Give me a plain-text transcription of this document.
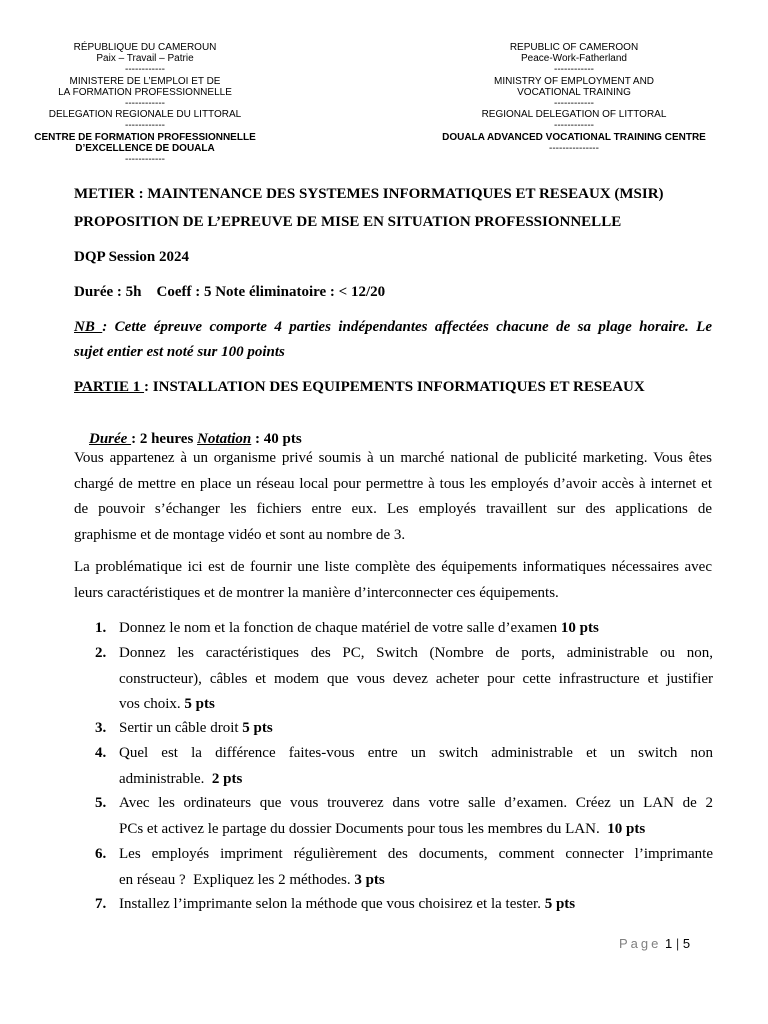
RÉPUBLIQUE DU CAMEROUN
Paix – Travail – Patrie
------------
MINISTERE DE L’EMPLOI ET DE
LA FORMATION PROFESSIONNELLE
------------
DELEGATION REGIONALE DU LITTORAL
------------
CENTRE DE FORMATION PROFESSIONNELLE
D’EXCELLENCE DE DOUALA
------------
REPUBLIC OF CAMEROON
Peace-Work-Fatherland
------------
MINISTRY OF EMPLOYMENT AND
VOCATIONAL TRAINING
------------
REGIONAL DELEGATION OF LITTORAL
------------
DOUALA ADVANCED VOCATIONAL TRAINING CENTRE
---------------
METIER : MAINTENANCE DES SYSTEMES INFORMATIQUES ET RESEAUX (MSIR)
PROPOSITION DE L’EPREUVE DE MISE EN SITUATION PROFESSIONNELLE
DQP Session 2024
Durée : 5h    Coeff : 5 Note éliminatoire : < 12/20
NB : Cette épreuve comporte 4 parties indépendantes affectées chacune de sa plage horaire. Le
sujet entier est noté sur 100 points
PARTIE 1 : INSTALLATION DES EQUIPEMENTS INFORMATIQUES ET RESEAUX

Durée : 2 heures Notation : 40 pts

Vous appartenez à un organisme privé soumis à un marché national de publicité marketing. Vous êtes
chargé de mettre en place un réseau local pour permettre à tous les employés d’avoir accès à internet et
de pouvoir s’échanger les fichiers entre eux. Les employés travaillent sur des applications de
graphisme et de montage vidéo et sont au nombre de 3.
La problématique ici est de fournir une liste complète des équipements informatiques nécessaires avec
leurs caractéristiques et de montrer la manière d’interconnecter ces équipements.
1. Donnez le nom et la fonction de chaque matériel de votre salle d’examen 10 pts
2. Donnez les caractéristiques des PC, Switch (Nombre de ports, administrable ou non,
constructeur), câbles et modem que vous devez acheter pour cette infrastructure et justifier
vos choix. 5 pts
3. Sertir un câble droit 5 pts
4. Quel est la différence faites-vous entre un switch administrable et un switch non
administrable.  2 pts
5. Avec les ordinateurs que vous trouverez dans votre salle d’examen. Créez un LAN de 2
PCs et activez le partage du dossier Documents pour tous les membres du LAN.  10 pts
6. Les employés impriment régulièrement des documents, comment connecter l’imprimante
en réseau ?  Expliquez les 2 méthodes. 3 pts
7. Installez l’imprimante selon la méthode que vous choisirez et la tester. 5 pts
Page 1 | 5
